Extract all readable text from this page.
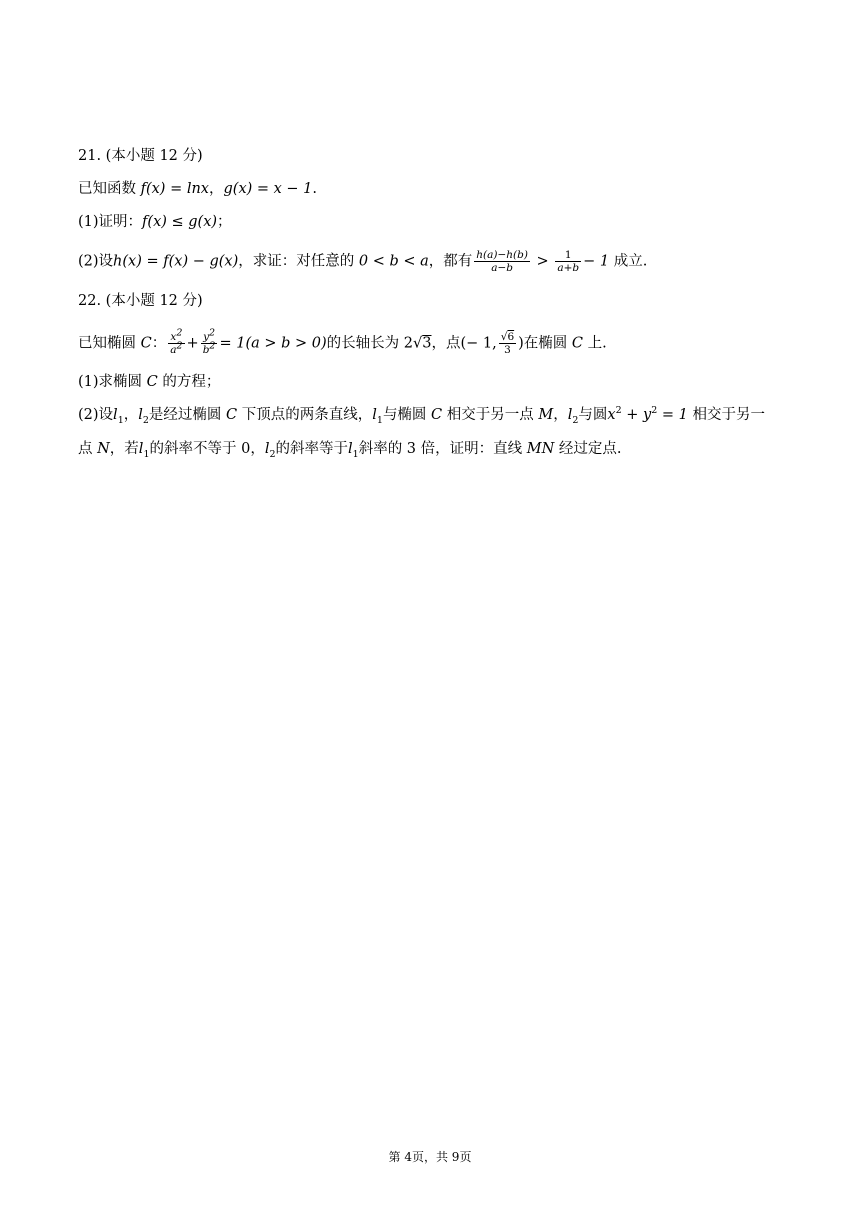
21. (本小题 12 分)
已知函数 f(x) = lnx，g(x) = x − 1.
(1)证明：f(x) ≤ g(x)；
(2)设h(x) = f(x) − g(x)，求证：对任意的 0 < b < a，都有 $\frac{h(a)-h(b)}{a-b} > \frac{1}{a+b} - 1$ 成立.
22. (本小题 12 分)
已知椭圆 C： $\frac{x^2}{a^2} + \frac{y^2}{b^2} = 1(a > b > 0)$的长轴长为 2√3，点(− 1, $\frac{√6}{3}$ )在椭圆 C 上.
(1)求椭圆 C 的方程；
(2)设$l_1$，$l_2$是经过椭圆 C 下顶点的两条直线，$l_1$与椭圆 C 相交于另一点 M，$l_2$与圆$x^2 + y^2 = 1$ 相交于另一
点 N，若$l_1$的斜率不等于 0，$l_2$的斜率等于$l_1$斜率的 3 倍，证明：直线 MN 经过定点.
第 4页，共 9页
